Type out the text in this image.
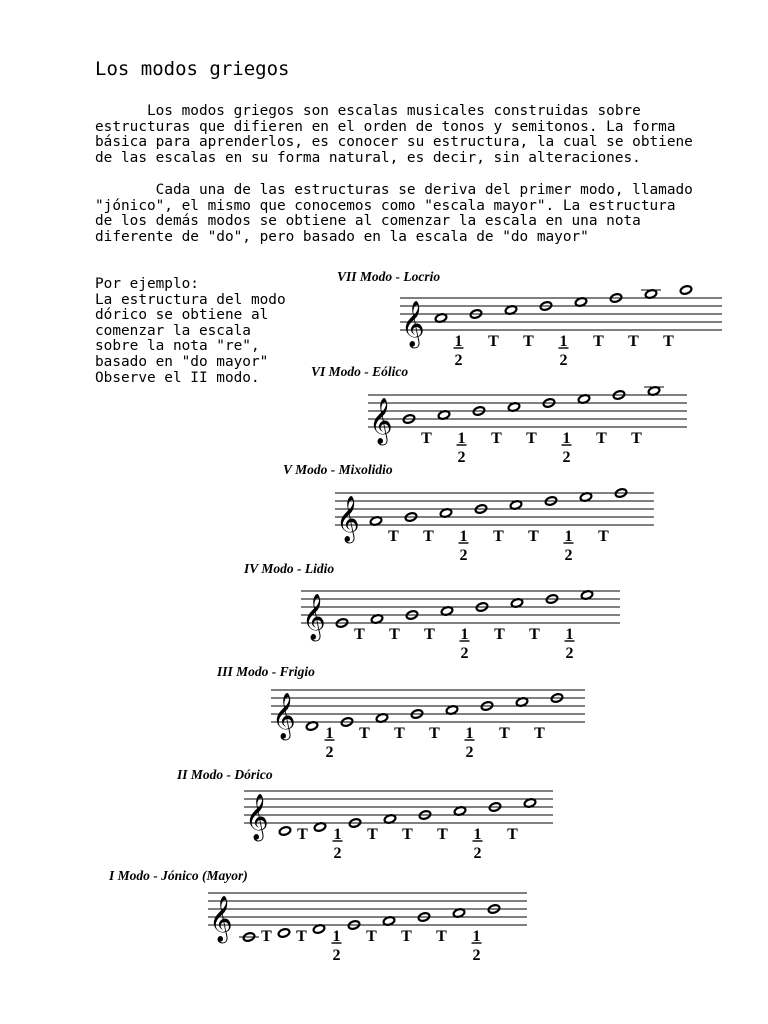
Los modos griegos

Los modos griegos son escalas musicales construidas sobre
estructuras que difieren en el orden de tonos y semitonos. La forma
básica para aprenderlos, es conocer su estructura, la cual se obtiene
de las escalas en su forma natural, es decir, sin alteraciones.

Cada una de las estructuras se deriva del primer modo, llamado
"jónico", el mismo que conocemos como "escala mayor". La estructura
de los demás modos se obtiene al comenzar la escala en una nota
diferente de "do", pero basado en la escala de "do mayor"

Por ejemplo:
La estructura del modo
dórico se obtiene al
comenzar la escala
sobre la nota "re",
basado en "do mayor"
Observe el II modo.
VII Modo - Locrio
𝄞 1
2
T T 1
2
T T T
VI Modo - Eólico
𝄞 T 1
2
T T 1
2
T T
V Modo - Mixolidio
𝄞 T T 1
2
T T 1
2
T
IV Modo - Lidio
𝄞 T T T 1
2
T T 1
2
III Modo - Frigio
𝄞 1
2
T T T 1
2
T T
II Modo - Dórico
𝄞 T 1
2
T T T 1
2
T
I Modo - Jónico (Mayor)
𝄞 T T 1
2
T T T 1
2
